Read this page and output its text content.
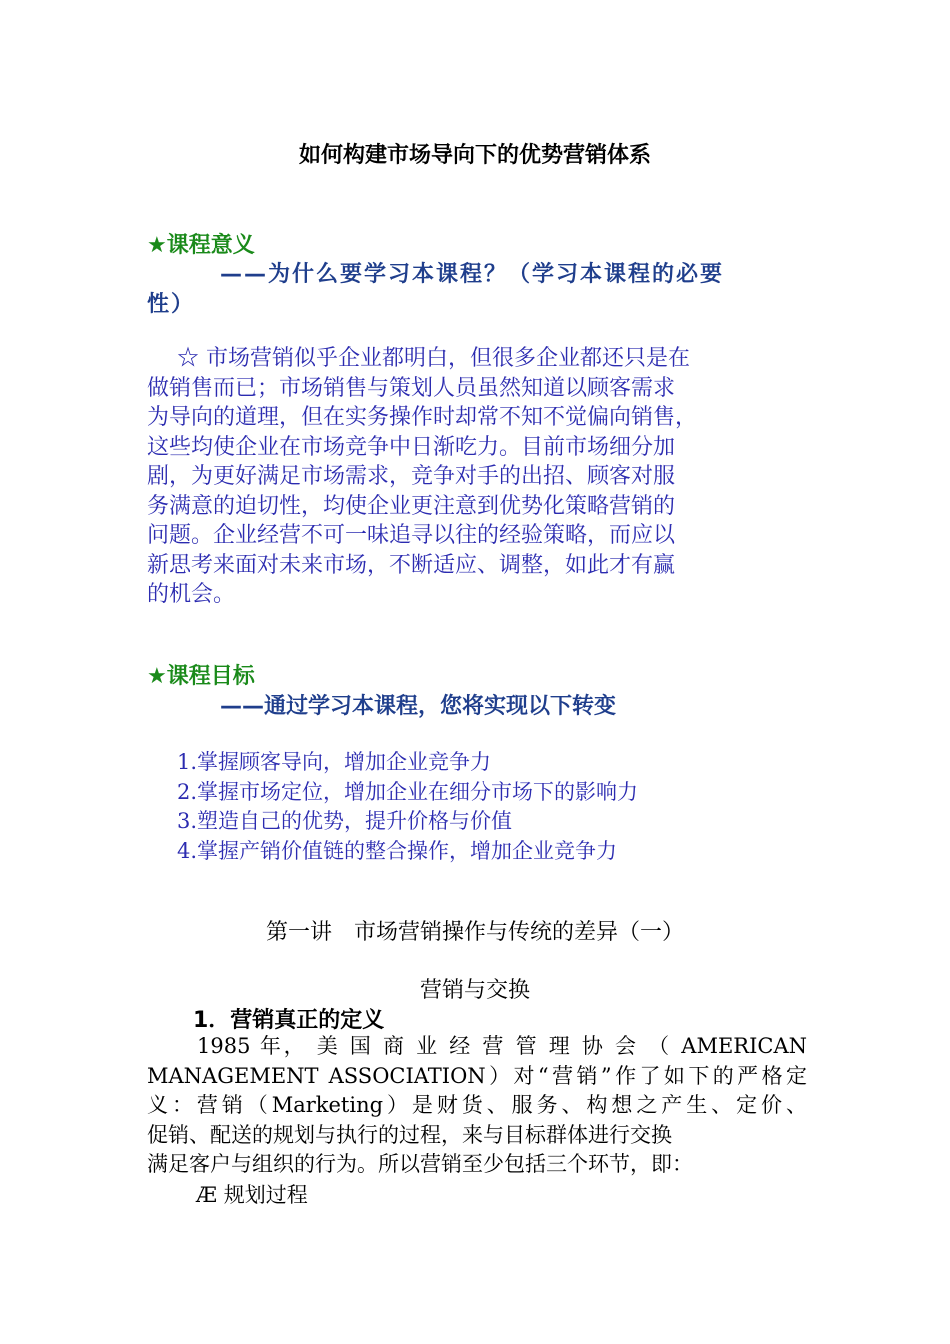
如何构建市场导向下的优势营销体系
★课程意义
——为什么要学习本课程？（学习本课程的必要
性）
☆ 市场营销似乎企业都明白，但很多企业都还只是在
做销售而已；市场销售与策划人员虽然知道以顾客需求
为导向的道理，但在实务操作时却常不知不觉偏向销售，
这些均使企业在市场竞争中日渐吃力。目前市场细分加
剧，为更好满足市场需求，竞争对手的出招、顾客对服
务满意的迫切性，均使企业更注意到优势化策略营销的
问题。企业经营不可一味追寻以往的经验策略，而应以
新思考来面对未来市场，不断适应、调整，如此才有赢
的机会。
★课程目标
——通过学习本课程，您将实现以下转变
1.掌握顾客导向，增加企业竞争力
2.掌握市场定位，增加企业在细分市场下的影响力
3.塑造自己的优势，提升价格与价值
4.掌握产销价值链的整合操作，增加企业竞争力
第一讲　市场营销操作与传统的差异（一）
营销与交换
1．营销真正的定义
1985 年， 美 国 商 业 经 营 管 理 协 会 （ AMERICAN
MANAGEMENT ASSOCIATION）对“营销”作了如下的严格定
义：营销（Marketing）是财货、服务、构想之产生、定价、
促销、配送的规划与执行的过程，来与目标群体进行交换
满足客户与组织的行为。所以营销至少包括三个环节，即：
Æ 规划过程
